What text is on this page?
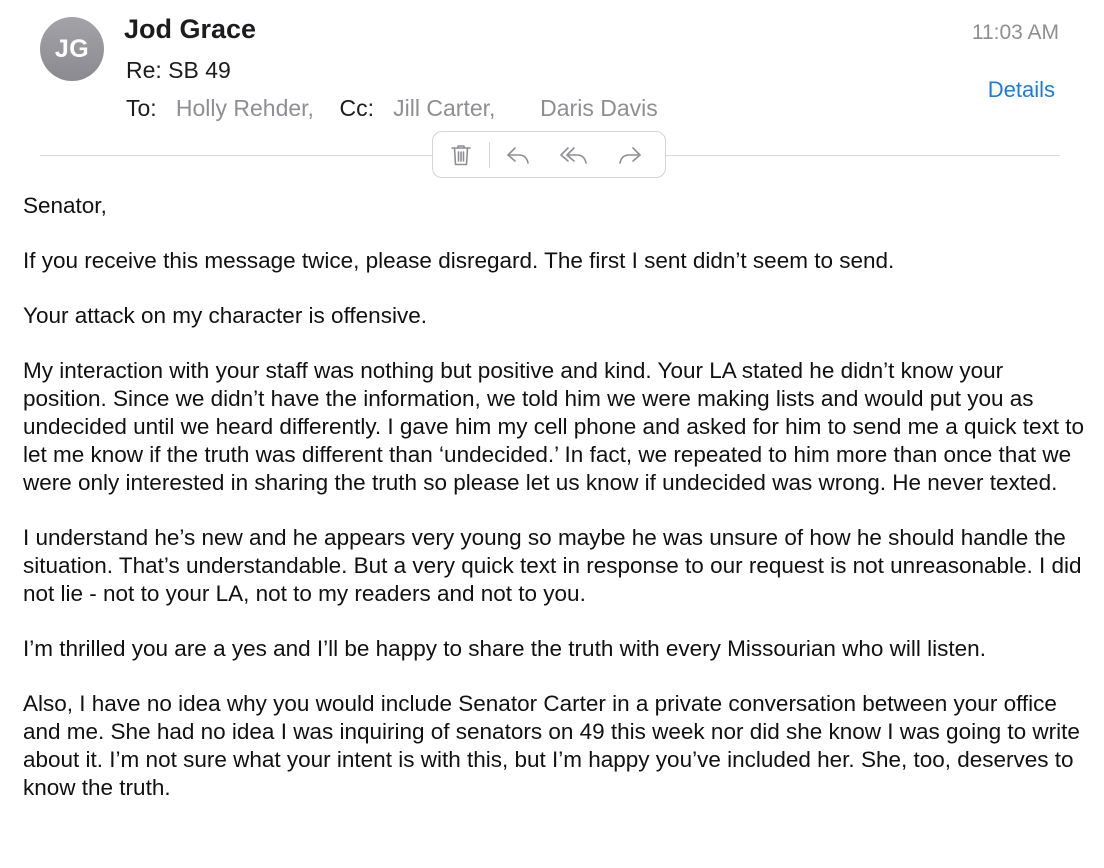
JG
Jod Grace
Re: SB 49
To: Holly Rehder, Cc: Jill Carter, Daris Davis
11:03 AM
Details

Senator,

If you receive this message twice, please disregard. The first I sent didn’t seem to send.

Your attack on my character is offensive.

My interaction with your staff was nothing but positive and kind. Your LA stated he didn’t know your position. Since we didn’t have the information, we told him we were making lists and would put you as undecided until we heard differently. I gave him my cell phone and asked for him to send me a quick text to let me know if the truth was different than ‘undecided.’ In fact, we repeated to him more than once that we were only interested in sharing the truth so please let us know if undecided was wrong. He never texted.

I understand he’s new and he appears very young so maybe he was unsure of how he should handle the situation. That’s understandable. But a very quick text in response to our request is not unreasonable. I did not lie - not to your LA, not to my readers and not to you.

I’m thrilled you are a yes and I’ll be happy to share the truth with every Missourian who will listen.

Also, I have no idea why you would include Senator Carter in a private conversation between your office and me. She had no idea I was inquiring of senators on 49 this week nor did she know I was going to write about it. I’m not sure what your intent is with this, but I’m happy you’ve included her. She, too, deserves to know the truth.
